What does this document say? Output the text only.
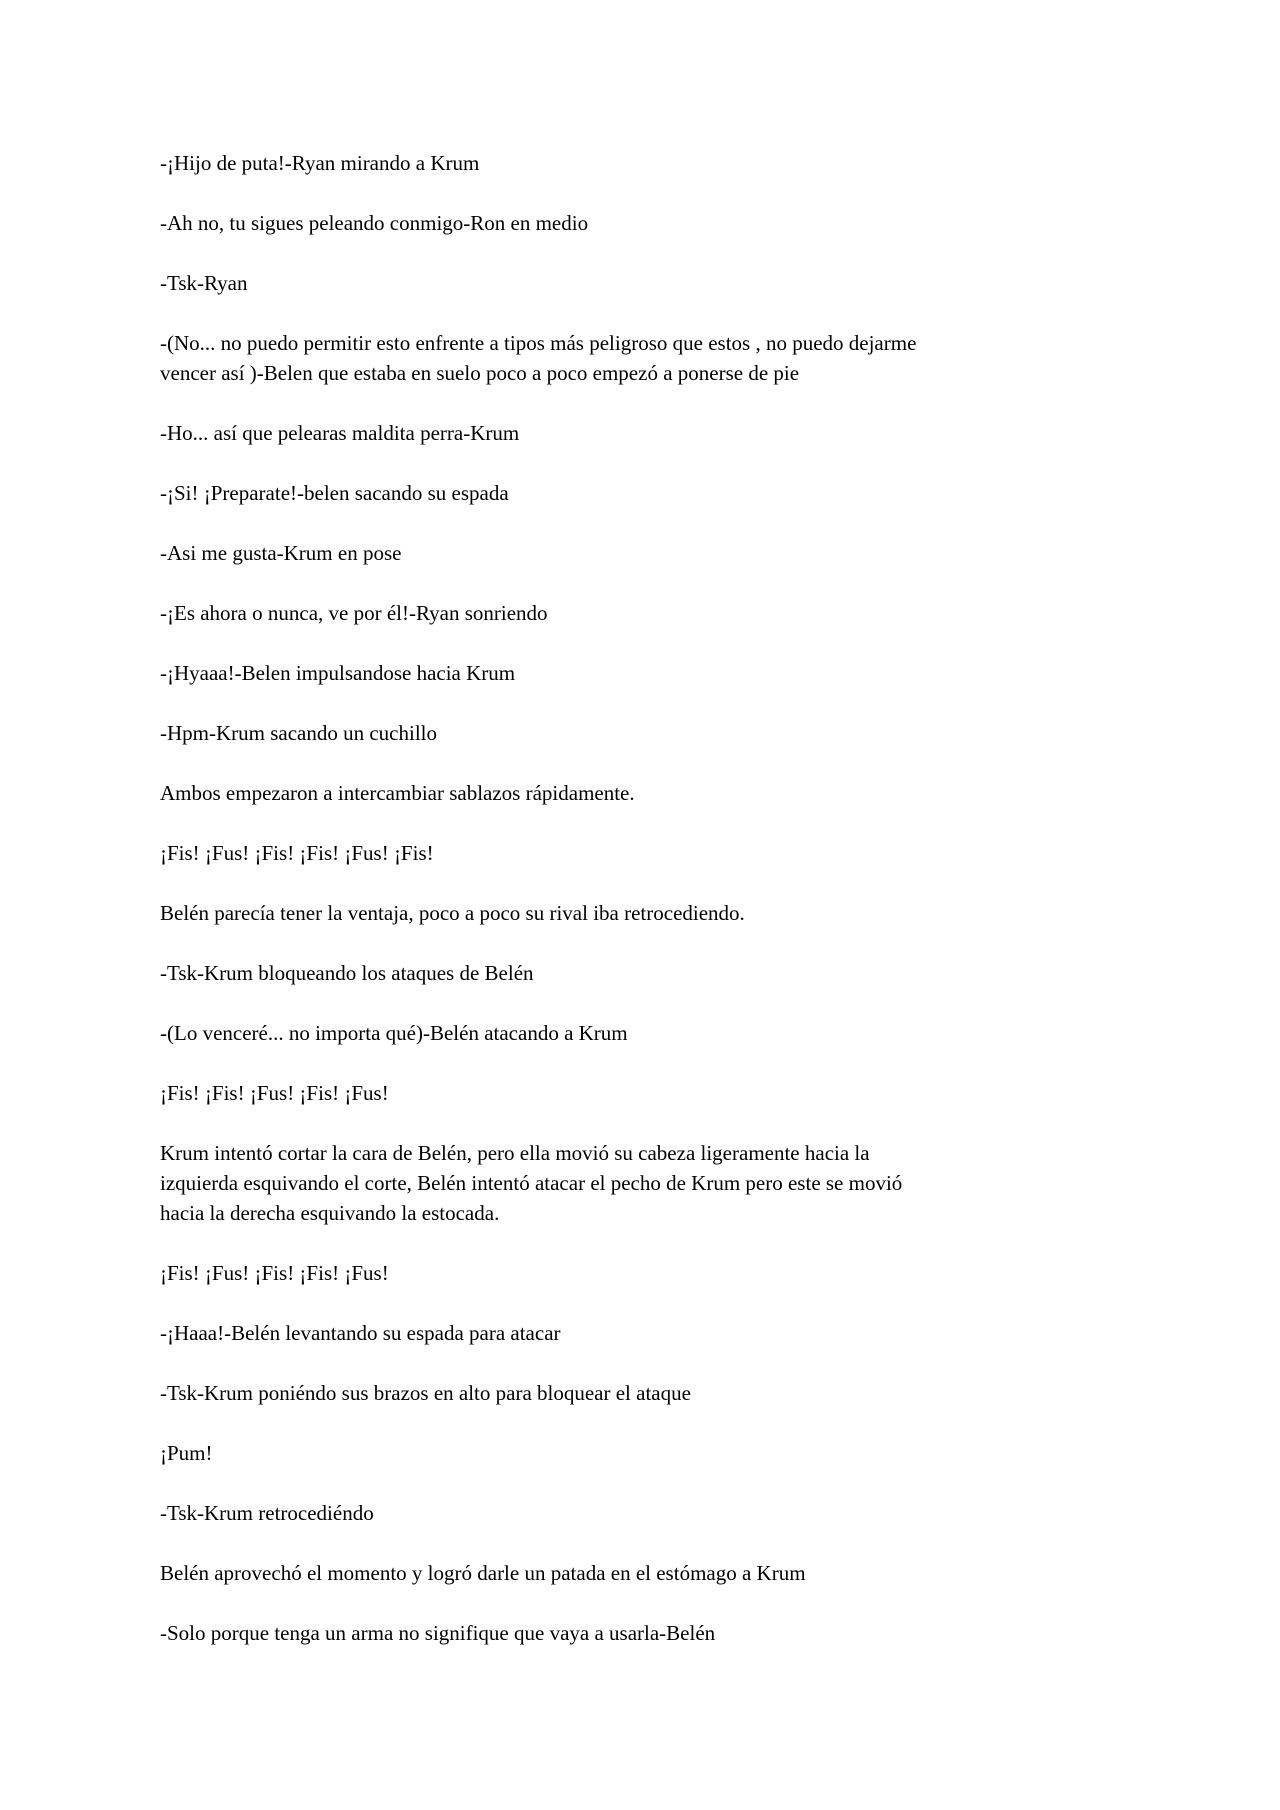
-¡Hijo de puta!-Ryan mirando a Krum

-Ah no, tu sigues peleando conmigo-Ron en medio

-Tsk-Ryan

-(No... no puedo permitir esto enfrente a tipos más peligroso que estos , no puedo dejarme vencer así )-Belen que estaba en suelo poco a poco empezó a ponerse de pie

-Ho... así que pelearas maldita perra-Krum

-¡Si! ¡Preparate!-belen sacando su espada

-Asi me gusta-Krum en pose

-¡Es ahora o nunca, ve por él!-Ryan sonriendo

-¡Hyaaa!-Belen impulsandose hacia Krum

-Hpm-Krum sacando un cuchillo

Ambos empezaron a intercambiar sablazos rápidamente.

¡Fis! ¡Fus! ¡Fis! ¡Fis! ¡Fus! ¡Fis!

Belén parecía tener la ventaja, poco a poco su rival iba retrocediendo.

-Tsk-Krum bloqueando los ataques de Belén

-(Lo venceré... no importa qué)-Belén atacando a Krum

¡Fis! ¡Fis! ¡Fus! ¡Fis! ¡Fus!

Krum intentó cortar la cara de Belén, pero ella movió su cabeza ligeramente hacia la izquierda esquivando el corte, Belén intentó atacar el pecho de Krum pero este se movió hacia la derecha esquivando la estocada.

¡Fis! ¡Fus! ¡Fis! ¡Fis! ¡Fus!

-¡Haaa!-Belén levantando su espada para atacar

-Tsk-Krum poniéndo sus brazos en alto para bloquear el ataque

¡Pum!

-Tsk-Krum retrocediéndo

Belén aprovechó el momento y logró darle un patada en el estómago a Krum

-Solo porque tenga un arma no signifique que vaya a usarla-Belén
